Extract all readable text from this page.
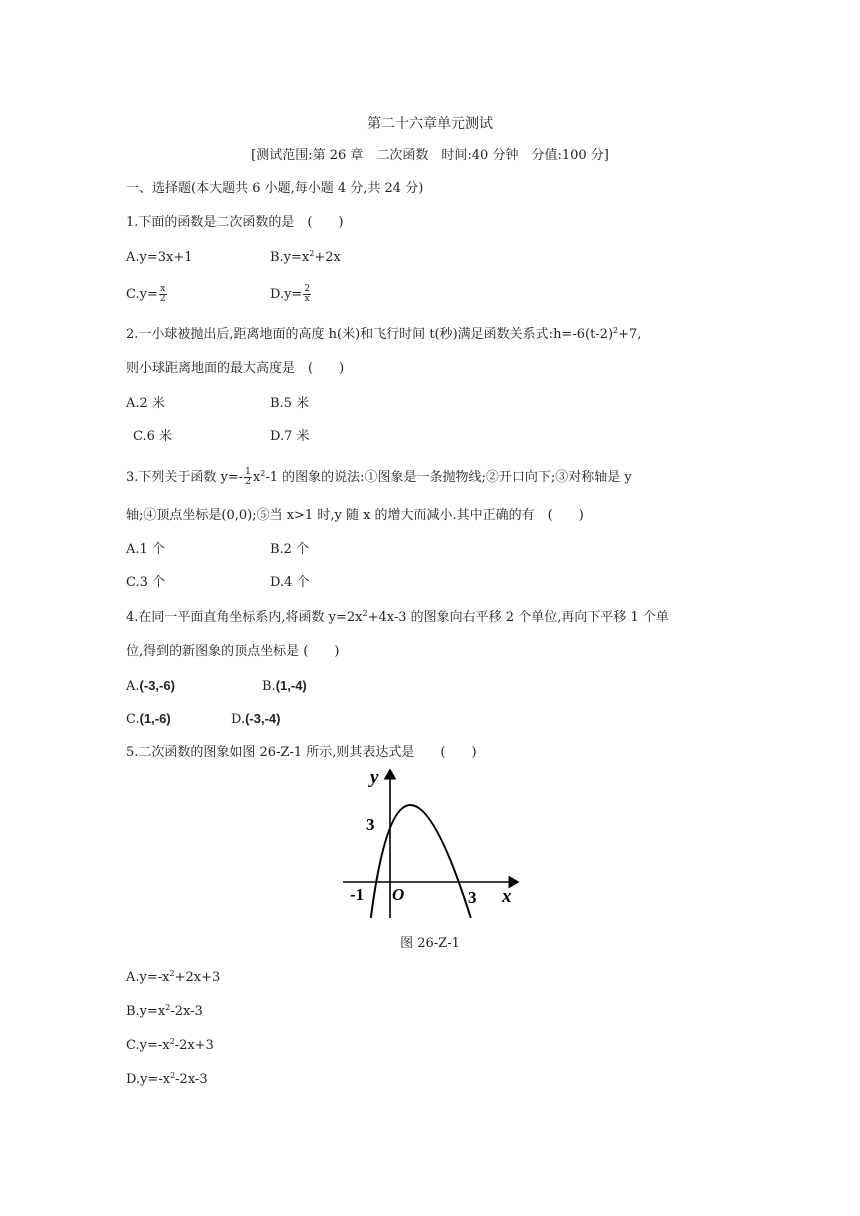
第二十六章单元测试
[测试范围:第 26 章　二次函数　时间:40 分钟　分值:100 分]
一、选择题(本大题共 6 小题,每小题 4 分,共 24 分)
1.下面的函数是二次函数的是　(　　)
A.y=3x+1	$B.y=x^2+2x$
$C.y= \frac{x}{2}$	$D.y= \frac{2}{x}$
2.一小球被抛出后,距离地面的高度 h(米)和飞行时间 t(秒)满足函数关系式$:h=-6(t-2)^2+7$,
则小球距离地面的最大高度是　(　　)
A.2 米	B.5 米
C.6 米	D.7 米
3.下列关于函数 $y=- \frac{1}{2} x^2-1$ 的图象的说法:①图象是一条抛物线;②开口向下;③对称轴是 y
轴;④顶点坐标是(0,0);⑤当 x>1 时,y 随 x 的增大而减小.其中正确的有　(　　)
A.1 个	B.2 个
C.3 个	D.4 个
4.在同一平面直角坐标系内,将函数 $y=2x^2+4x-3$ 的图象向右平移 2 个单位,再向下平移 1 个单
位,得到的新图象的顶点坐标是 (　　)
A.(-3,-6)	B.(1,-4)
C.(1,-6)	D.(-3,-4)
5.二次函数的图象如图 26-Z-1 所示,则其表达式是　　(　　)
y
x
O
3
-1	3
图 26-Z-1
$A.y=-x^2+2x+3$
$B.y=x^2-2x-3$
$C.y=-x^2-2x+3$
$D.y=-x^2-2x-3$
